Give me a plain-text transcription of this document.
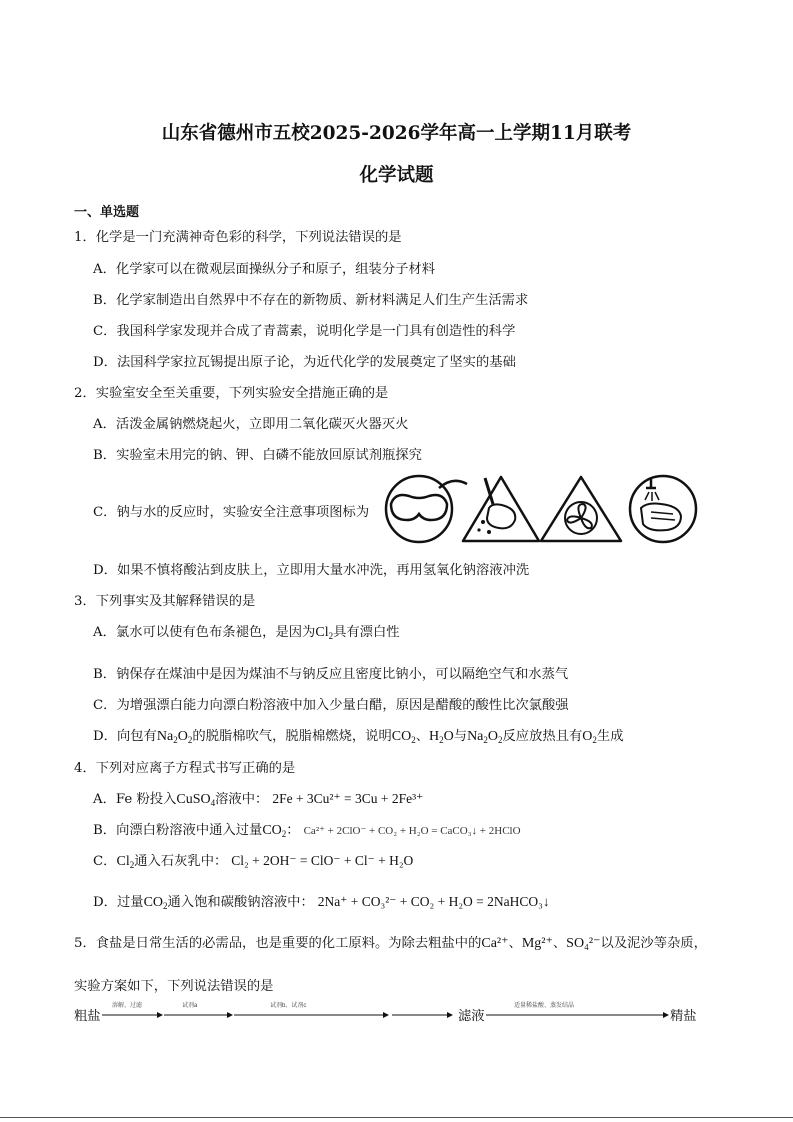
山东省德州市五校2025-2026学年高一上学期11月联考
化学试题
一、单选题
1．化学是一门充满神奇色彩的科学，下列说法错误的是
A．化学家可以在微观层面操纵分子和原子，组装分子材料
B．化学家制造出自然界中不存在的新物质、新材料满足人们生产生活需求
C．我国科学家发现并合成了青蒿素，说明化学是一门具有创造性的科学
D．法国科学家拉瓦锡提出原子论，为近代化学的发展奠定了坚实的基础
2．实验室安全至关重要，下列实验安全措施正确的是
A．活泼金属钠燃烧起火，立即用二氧化碳灭火器灭火
B．实验室未用完的钠、钾、白磷不能放回原试剂瓶探究
C．钠与水的反应时，实验安全注意事项图标为
D．如果不慎将酸沾到皮肤上，立即用大量水冲洗，再用氢氧化钠溶液冲洗
3．下列事实及其解释错误的是
A．氯水可以使有色布条褪色，是因为$Cl_2$具有漂白性
B．钠保存在煤油中是因为煤油不与钠反应且密度比钠小，可以隔绝空气和水蒸气
C．为增强漂白能力向漂白粉溶液中加入少量白醋，原因是醋酸的酸性比次氯酸强
D．向包有$Na_2O_2$的脱脂棉吹气，脱脂棉燃烧，说明$CO_2$、$H_2O$与$Na_2O_2$反应放热且有$O_2$生成
4．下列对应离子方程式书写正确的是
A．Fe 粉投入CuSO$_4$溶液中： 2Fe + 3Cu²⁺ = 3Cu + 2Fe³⁺
B．向漂白粉溶液中通入过量$CO_2$： Ca²⁺ + 2ClO⁻ + CO₂ + H₂O = CaCO₃↓ + 2HClO
C．$Cl_2$通入石灰乳中： Cl₂ + 2OH⁻ = ClO⁻ + Cl⁻ + H₂O
D．过量$CO_2$通入饱和碳酸钠溶液中： 2Na⁺ + CO₃²⁻ + CO₂ + H₂O = 2NaHCO₃↓
5．食盐是日常生活的必需品，也是重要的化工原料。为除去粗盐中的Ca²⁺、Mg²⁺、SO₄²⁻以及泥沙等杂质，
实验方案如下，下列说法错误的是
粗盐
溶解、过滤	试剂a	试剂b、试剂c
滤液
适量稀盐酸、蒸发结晶
精盐
